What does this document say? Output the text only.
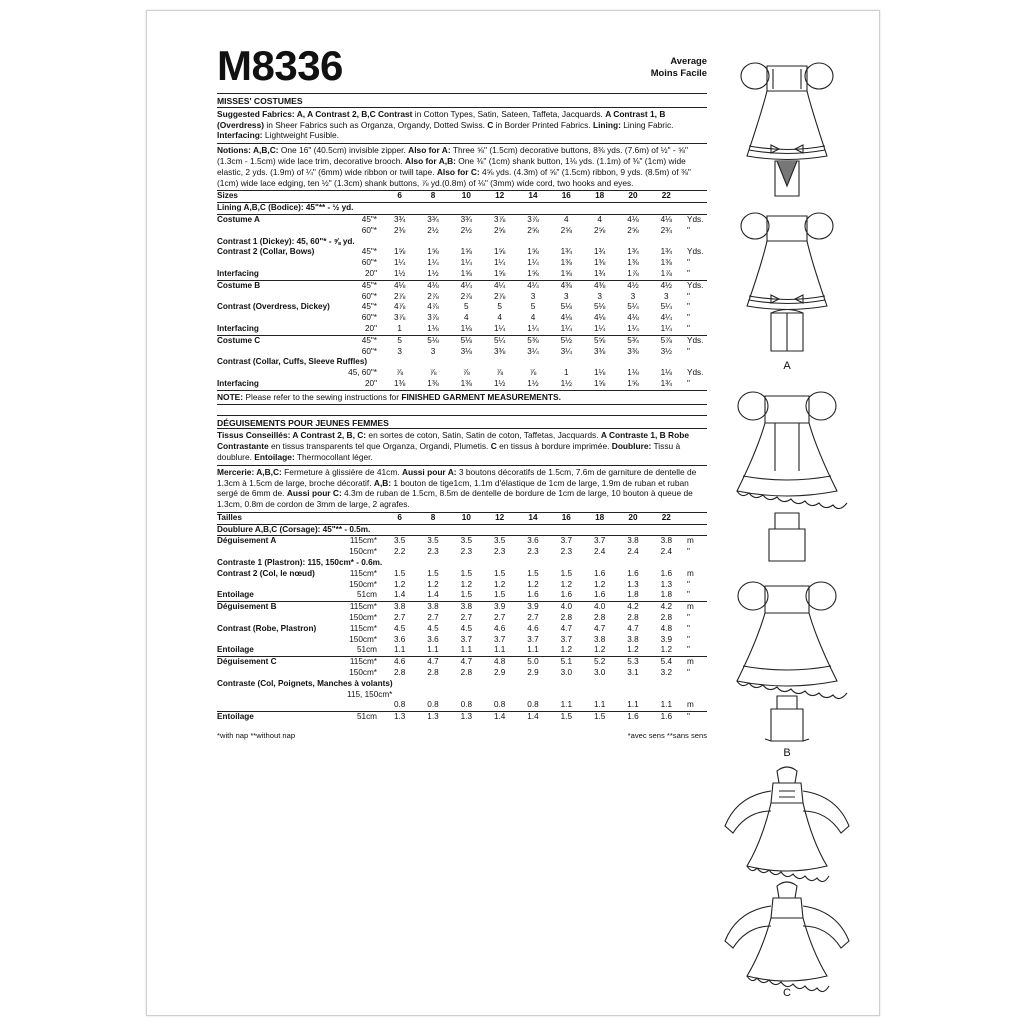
M8336	Average
Moins Facile
MISSES' COSTUMES

Suggested Fabrics: A, A Contrast 2, B,C Contrast in Cotton Types, Satin, Sateen, Taffeta, Jacquards. A Contrast 1, B (Overdress) in Sheer Fabrics such as Organza, Organdy, Dotted Swiss. C in Border Printed Fabrics. Lining: Lining Fabric. Interfacing: Lightweight Fusible.

Notions: A,B,C: One 16" (40.5cm) invisible zipper. Also for A: Three ⅝" (1.5cm) decorative buttons, 8⅜ yds. (7.6m) of ½" - ⅝" (1.3cm - 1.5cm) wide lace trim, decorative brooch. Also for A,B: One ⅜" (1cm) shank button, 1⅛ yds. (1.1m) of ⅜" (1cm) wide elastic, 2 yds. (1.9m) of ¼" (6mm) wide ribbon or twill tape. Also for C: 4⅝ yds. (4.3m) of ⅝" (1.5cm) ribbon, 9 yds. (8.5m) of ⅜" (1cm) wide lace edging, ten ½" (1.3cm) shank buttons, ⅞ yd.(0.8m) of ⅛" (3mm) wide cord, two hooks and eyes.

Sizes		6	8	10	12	14	16	18	20	22	
Lining A,B,C (Bodice): 45"** - ½ yd.											
Costume A	45"*	3¾	3¾	3¾	3⅞	3⅞	4	4	4⅛	4⅛	Yds.
	60"*	2⅜	2½	2½	2⅝	2⅝	2⅝	2⅝	2⅝	2¾	"
Contrast 1 (Dickey): 45, 60"* - ⅝ yd.											
Contrast 2 (Collar, Bows)	45"*	1⅝	1⅝	1⅝	1⅝	1⅝	1¾	1¾	1¾	1¾	Yds.
	60"*	1¼	1¼	1¼	1¼	1¼	1⅜	1⅜	1⅜	1⅜	"
Interfacing	20"	1½	1½	1⅝	1⅝	1⅝	1⅝	1¾	1⅞	1⅞	"
Costume B	45"*	4⅛	4⅛	4¼	4¼	4¼	4⅜	4⅜	4½	4½	Yds.
	60"*	2⅞	2⅞	2⅞	2⅞	3	3	3	3	3	"
Contrast (Overdress, Dickey)	45"*	4⅞	4⅞	5	5	5	5⅛	5⅛	5¼	5¼	"
	60"*	3⅞	3⅞	4	4	4	4⅛	4⅛	4⅛	4¼	"
Interfacing	20"	1	1⅛	1⅛	1¼	1¼	1¼	1¼	1¼	1¼	"
Costume C	45"*	5	5⅛	5⅛	5¼	5⅜	5½	5⅝	5¾	5⅞	Yds.
	60"*	3	3	3⅛	3⅜	3¼	3¼	3⅜	3⅜	3½	"
Contrast (Collar, Cuffs, Sleeve Ruffles)											
	45, 60"*	⅞	⅞	⅞	⅞	⅞	1	1⅛	1⅛	1⅛	Yds.
Interfacing	20"	1⅜	1⅜	1⅜	1½	1½	1½	1⅝	1⅝	1¾	"
NOTE: Please refer to the sewing instructions for FINISHED GARMENT MEASUREMENTS.
DÉGUISEMENTS POUR JEUNES FEMMES

Tissus Conseillés: A Contrast 2, B, C: en sortes de coton, Satin, Satin de coton, Taffetas, Jacquards. A Contraste 1, B Robe Contrastante en tissus transparents tel que Organza, Organdi, Plumetis. C en tissus à bordure imprimée. Doublure: Tissu à doublure. Entoilage: Thermocollant léger.

Mercerie: A,B,C: Fermeture à glissière de 41cm. Aussi pour A: 3 boutons décoratifs de 1.5cm, 7.6m de garniture de dentelle de 1.3cm à 1.5cm de large, broche décoratif. A,B: 1 bouton de tige1cm, 1.1m d'élastique de 1cm de large, 1.9m de ruban et ruban sergé de 6mm de. Aussi pour C: 4.3m de ruban de 1.5cm, 8.5m de dentelle de bordure de 1cm de large, 10 bouton à queue de 1.3cm, 0.8m de cordon de 3mm de large, 2 agrafes.

Tailles		6	8	10	12	14	16	18	20	22	
Doublure A,B,C (Corsage): 45"** - 0.5m.											
Déguisement A	115cm*	3.5	3.5	3.5	3.5	3.6	3.7	3.7	3.8	3.8	m
	150cm*	2.2	2.3	2.3	2.3	2.3	2.3	2.4	2.4	2.4	"
Contraste 1 (Plastron): 115, 150cm* - 0.6m.											
Contrast 2 (Col, le nœud)	115cm*	1.5	1.5	1.5	1.5	1.5	1.5	1.6	1.6	1.6	m
	150cm*	1.2	1.2	1.2	1.2	1.2	1.2	1.2	1.3	1.3	"
Entoilage	51cm	1.4	1.4	1.5	1.5	1.6	1.6	1.6	1.8	1.8	"
Déguisement B	115cm*	3.8	3.8	3.8	3.9	3.9	4.0	4.0	4.2	4.2	m
	150cm*	2.7	2.7	2.7	2.7	2.7	2.8	2.8	2.8	2.8	"
Contrast (Robe, Plastron)	115cm*	4.5	4.5	4.5	4.6	4.6	4.7	4.7	4.7	4.8	"
	150cm*	3.6	3.6	3.7	3.7	3.7	3.7	3.8	3.8	3.9	"
Entoilage	51cm	1.1	1.1	1.1	1.1	1.1	1.2	1.2	1.2	1.2	"
Déguisement C	115cm*	4.6	4.7	4.7	4.8	5.0	5.1	5.2	5.3	5.4	m
	150cm*	2.8	2.8	2.8	2.9	2.9	3.0	3.0	3.1	3.2	"
Contraste (Col, Poignets, Manches à volants)											
	115, 150cm*										
		0.8	0.8	0.8	0.8	0.8	1.1	1.1	1.1	1.1	m
Entoilage	51cm	1.3	1.3	1.3	1.4	1.4	1.5	1.5	1.6	1.6	"
*with nap **without nap	*avec sens **sans sens
A
B
C
